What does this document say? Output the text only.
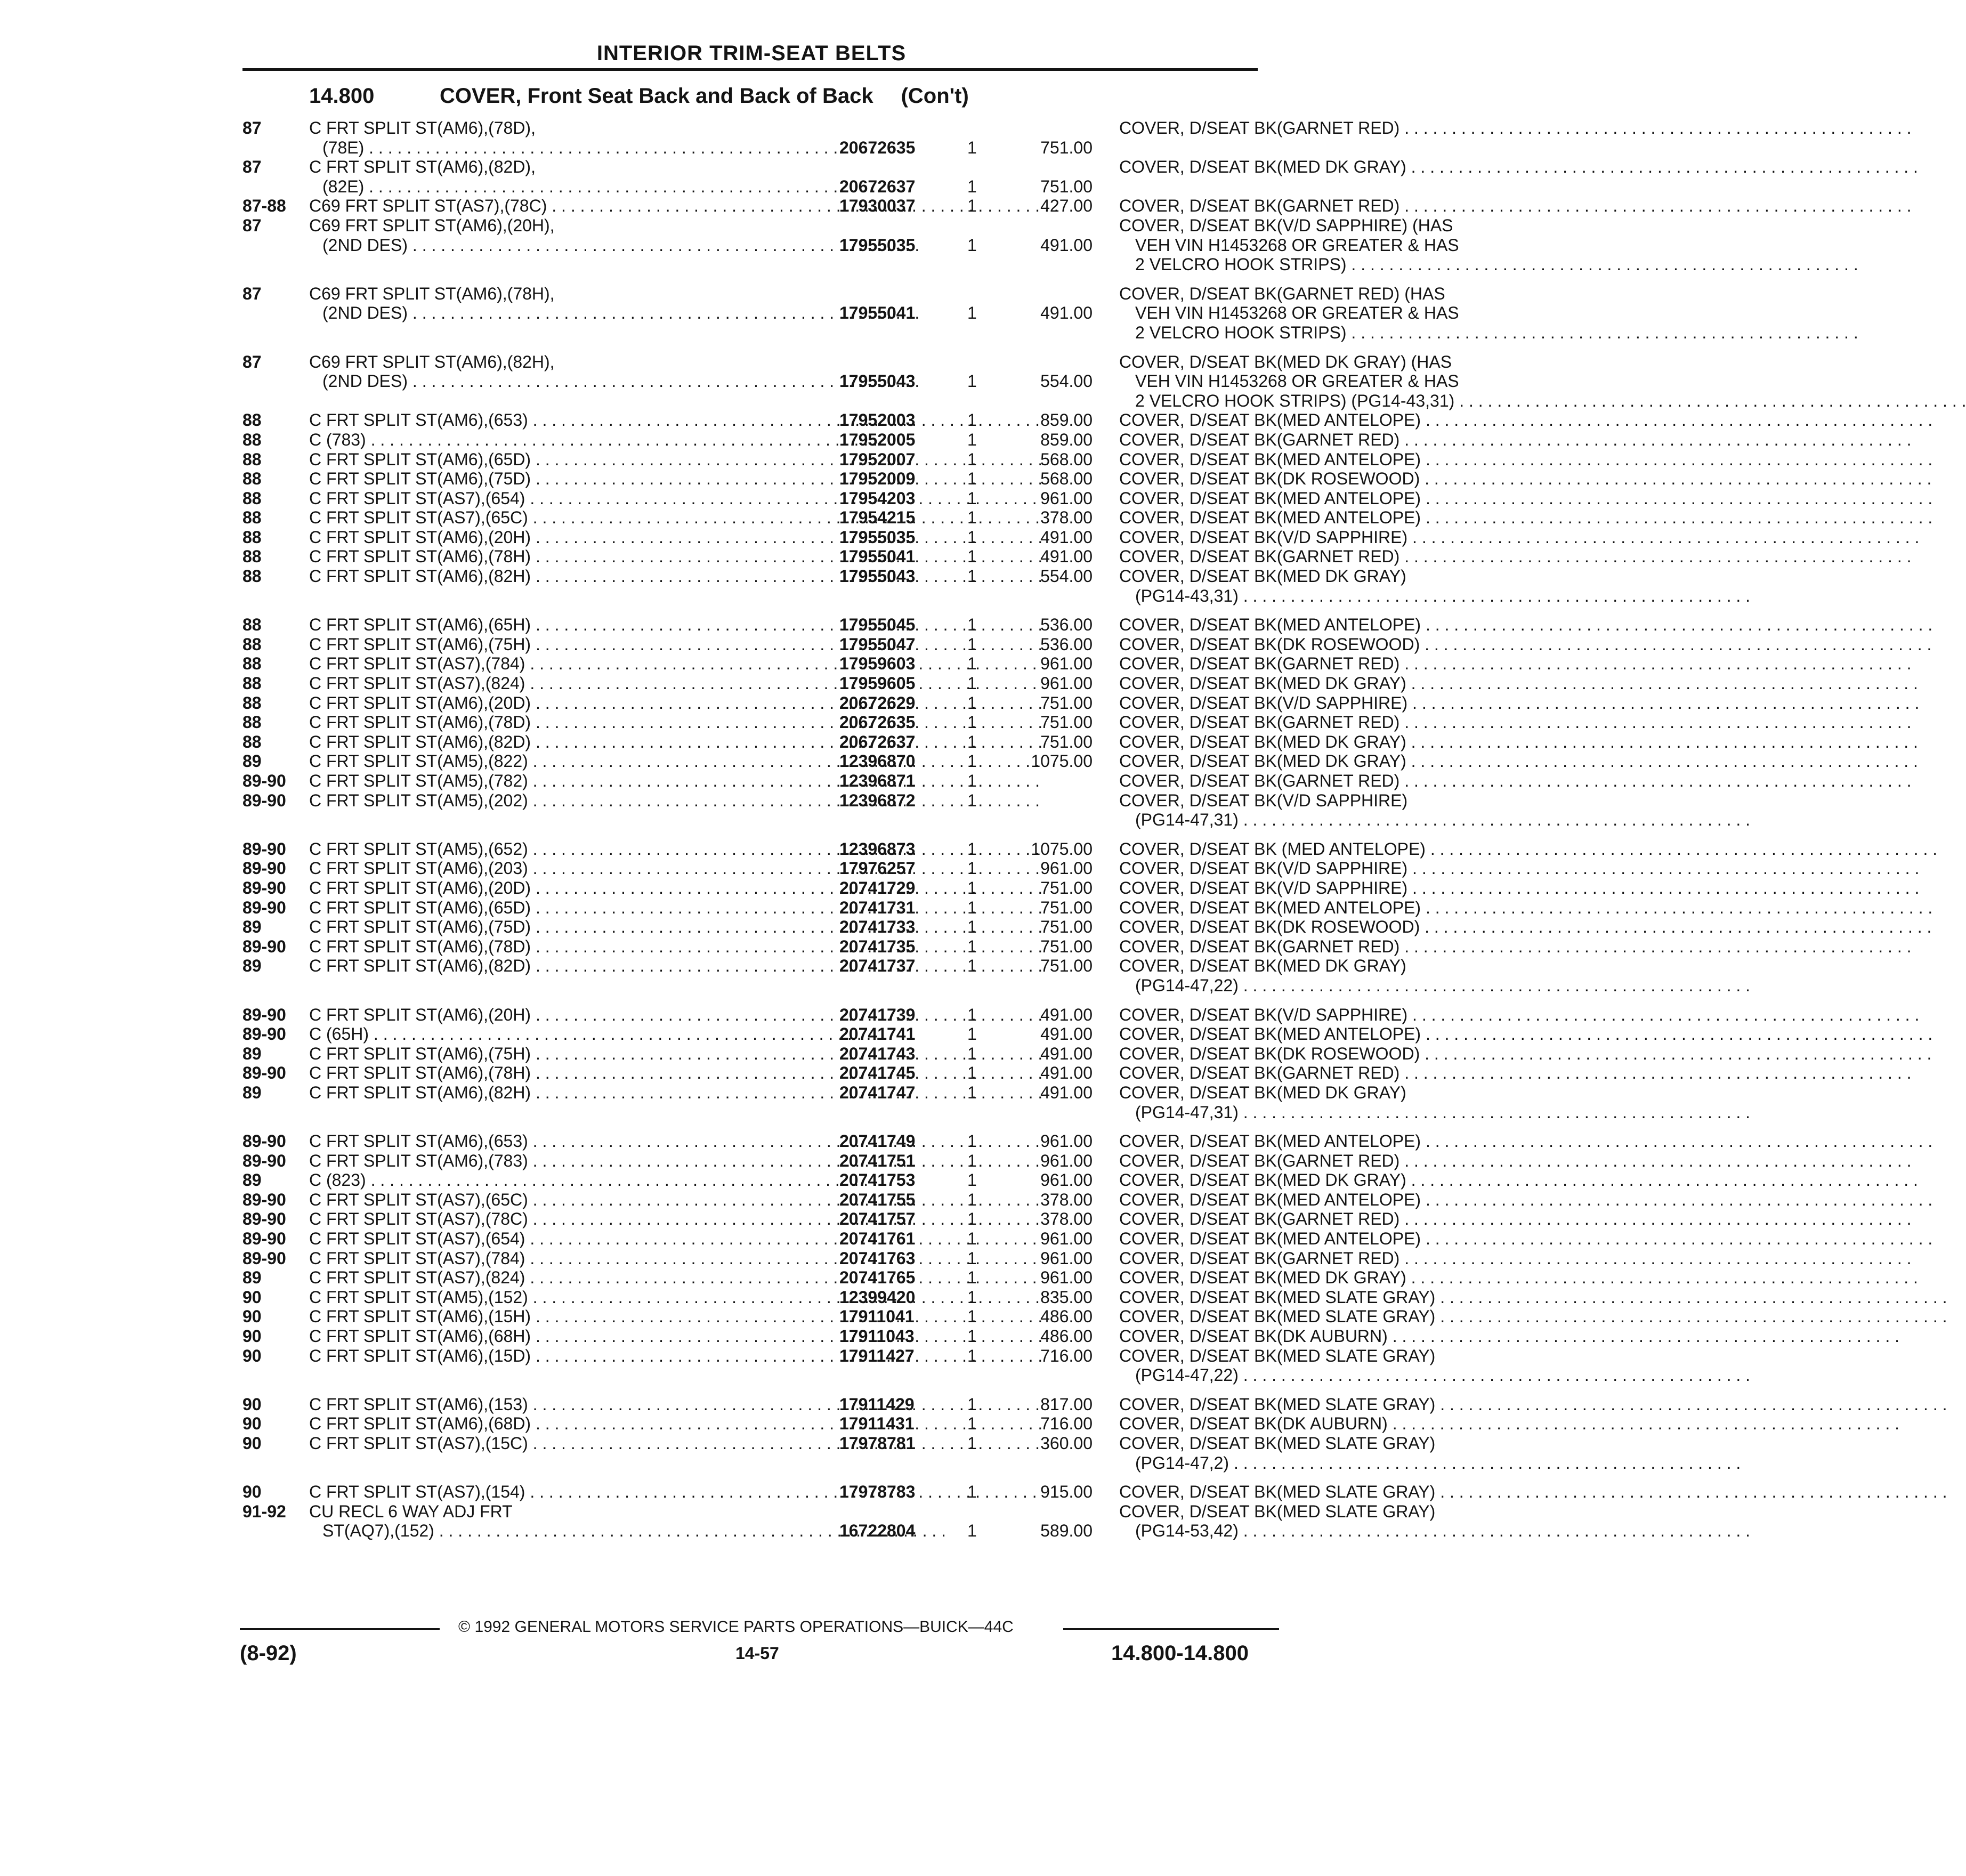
INTERIOR TRIM-SEAT BELTS
14.800	COVER, Front Seat Back and Back of Back (Con't)
87	C FRT SPLIT ST(AM6),(78D),	COVER, D/SEAT BK(GARNET RED) . . .
(78E) . . .	20672635	1	751.00
87	C FRT SPLIT ST(AM6),(82D),	COVER, D/SEAT BK(MED DK GRAY) . . .
(82E) . . .	20672637	1	751.00
87-88 C69 FRT SPLIT ST(AS7),(78C) . . .	17930037	1	427.00 COVER, D/SEAT BK(GARNET RED) . . .
87	C69 FRT SPLIT ST(AM6),(20H),	COVER, D/SEAT BK(V/D SAPPHIRE) (HAS
(2ND DES) . . .	17955035	1	491.00	VEH VIN H1453268 OR GREATER & HAS
2 VELCRO HOOK STRIPS) . . .
87	C69 FRT SPLIT ST(AM6),(78H),	COVER, D/SEAT BK(GARNET RED) (HAS
(2ND DES) . . .	17955041	1	491.00	VEH VIN H1453268 OR GREATER & HAS
2 VELCRO HOOK STRIPS) . . .
87	C69 FRT SPLIT ST(AM6),(82H),	COVER, D/SEAT BK(MED DK GRAY) (HAS
(2ND DES) . . .	17955043	1	554.00	VEH VIN H1453268 OR GREATER & HAS
2 VELCRO HOOK STRIPS) (PG14-43,31) . . .
88	C FRT SPLIT ST(AM6),(653) . . .	17952003	1	859.00 COVER, D/SEAT BK(MED ANTELOPE) . . .
88	C (783) . . .	17952005	1	859.00 COVER, D/SEAT BK(GARNET RED) . . .
88	C FRT SPLIT ST(AM6),(65D) . . .	17952007	1	568.00 COVER, D/SEAT BK(MED ANTELOPE) . . .
88	C FRT SPLIT ST(AM6),(75D) . . .	17952009	1	568.00 COVER, D/SEAT BK(DK ROSEWOOD) . . .
88	C FRT SPLIT ST(AS7),(654) . . .	17954203	1	961.00 COVER, D/SEAT BK(MED ANTELOPE) . . .
88	C FRT SPLIT ST(AS7),(65C) . . .	17954215	1	378.00 COVER, D/SEAT BK(MED ANTELOPE) . . .
88	C FRT SPLIT ST(AM6),(20H) . . .	17955035	1	491.00 COVER, D/SEAT BK(V/D SAPPHIRE) . . .
88	C FRT SPLIT ST(AM6),(78H) . . .	17955041	1	491.00 COVER, D/SEAT BK(GARNET RED) . . .
88	C FRT SPLIT ST(AM6),(82H) . . .	17955043	1	554.00 COVER, D/SEAT BK(MED DK GRAY)
(PG14-43,31) . . .
88	C FRT SPLIT ST(AM6),(65H) . . .	17955045	1	536.00 COVER, D/SEAT BK(MED ANTELOPE) . . .
88	C FRT SPLIT ST(AM6),(75H) . . .	17955047	1	536.00 COVER, D/SEAT BK(DK ROSEWOOD) . . .
88	C FRT SPLIT ST(AS7),(784) . . .	17959603	1	961.00 COVER, D/SEAT BK(GARNET RED) . . .
88	C FRT SPLIT ST(AS7),(824) . . .	17959605	1	961.00 COVER, D/SEAT BK(MED DK GRAY) . . .
88	C FRT SPLIT ST(AM6),(20D) . . .	20672629	1	751.00 COVER, D/SEAT BK(V/D SAPPHIRE) . . .
88	C FRT SPLIT ST(AM6),(78D) . . .	20672635	1	751.00 COVER, D/SEAT BK(GARNET RED) . . .
88	C FRT SPLIT ST(AM6),(82D) . . .	20672637	1	751.00 COVER, D/SEAT BK(MED DK GRAY) . . .
89	C FRT SPLIT ST(AM5),(822) . . .	12396870	1	1075.00 COVER, D/SEAT BK(MED DK GRAY) . . .
89-90 C FRT SPLIT ST(AM5),(782) . . .	12396871	1	COVER, D/SEAT BK(GARNET RED) . . .
89-90 C FRT SPLIT ST(AM5),(202) . . .	12396872	1	COVER, D/SEAT BK(V/D SAPPHIRE)
(PG14-47,31) . . .
89-90 C FRT SPLIT ST(AM5),(652) . . .	12396873	1	1075.00 COVER, D/SEAT BK (MED ANTELOPE) . . .
89-90 C FRT SPLIT ST(AM6),(203) . . .	17976257	1	961.00 COVER, D/SEAT BK(V/D SAPPHIRE) . . .
89-90 C FRT SPLIT ST(AM6),(20D) . . .	20741729	1	751.00 COVER, D/SEAT BK(V/D SAPPHIRE) . . .
89-90 C FRT SPLIT ST(AM6),(65D) . . .	20741731	1	751.00 COVER, D/SEAT BK(MED ANTELOPE) . . .
89	C FRT SPLIT ST(AM6),(75D) . . .	20741733	1	751.00 COVER, D/SEAT BK(DK ROSEWOOD) . . .
89-90 C FRT SPLIT ST(AM6),(78D) . . .	20741735	1	751.00 COVER, D/SEAT BK(GARNET RED) . . .
89	C FRT SPLIT ST(AM6),(82D) . . .	20741737	1	751.00 COVER, D/SEAT BK(MED DK GRAY)
(PG14-47,22) . . .
89-90 C FRT SPLIT ST(AM6),(20H) . . .	20741739	1	491.00 COVER, D/SEAT BK(V/D SAPPHIRE) . . .
89-90 C (65H) . . .	20741741	1	491.00 COVER, D/SEAT BK(MED ANTELOPE) . . .
89	C FRT SPLIT ST(AM6),(75H) . . .	20741743	1	491.00 COVER, D/SEAT BK(DK ROSEWOOD) . . .
89-90 C FRT SPLIT ST(AM6),(78H) . . .	20741745	1	491.00 COVER, D/SEAT BK(GARNET RED) . . .
89	C FRT SPLIT ST(AM6),(82H) . . .	20741747	1	491.00 COVER, D/SEAT BK(MED DK GRAY)
(PG14-47,31) . . .
89-90 C FRT SPLIT ST(AM6),(653) . . .	20741749	1	961.00 COVER, D/SEAT BK(MED ANTELOPE) . . .
89-90 C FRT SPLIT ST(AM6),(783) . . .	20741751	1	961.00 COVER, D/SEAT BK(GARNET RED) . . .
89	C (823) . . .	20741753	1	961.00 COVER, D/SEAT BK(MED DK GRAY) . . .
89-90 C FRT SPLIT ST(AS7),(65C) . . .	20741755	1	378.00 COVER, D/SEAT BK(MED ANTELOPE) . . .
89-90 C FRT SPLIT ST(AS7),(78C) . . .	20741757	1	378.00 COVER, D/SEAT BK(GARNET RED) . . .
89-90 C FRT SPLIT ST(AS7),(654) . . .	20741761	1	961.00 COVER, D/SEAT BK(MED ANTELOPE) . . .
89-90 C FRT SPLIT ST(AS7),(784) . . .	20741763	1	961.00 COVER, D/SEAT BK(GARNET RED) . . .
89	C FRT SPLIT ST(AS7),(824) . . .	20741765	1	961.00 COVER, D/SEAT BK(MED DK GRAY) . . .
90	C FRT SPLIT ST(AM5),(152) . . .	12399420	1	835.00 COVER, D/SEAT BK(MED SLATE GRAY) . . .
90	C FRT SPLIT ST(AM6),(15H) . . .	17911041	1	486.00 COVER, D/SEAT BK(MED SLATE GRAY) . . .
90	C FRT SPLIT ST(AM6),(68H) . . .	17911043	1	486.00 COVER, D/SEAT BK(DK AUBURN) . . .
90	C FRT SPLIT ST(AM6),(15D) . . .	17911427	1	716.00 COVER, D/SEAT BK(MED SLATE GRAY)
(PG14-47,22) . . .
90	C FRT SPLIT ST(AM6),(153) . . .	17911429	1	817.00 COVER, D/SEAT BK(MED SLATE GRAY) . . .
90	C FRT SPLIT ST(AM6),(68D) . . .	17911431	1	716.00 COVER, D/SEAT BK(DK AUBURN) . . .
90	C FRT SPLIT ST(AS7),(15C) . . .	17978781	1	360.00 COVER, D/SEAT BK(MED SLATE GRAY)
(PG14-47,2) . . .
90	C FRT SPLIT ST(AS7),(154) . . .	17978783	1	915.00 COVER, D/SEAT BK(MED SLATE GRAY) . . .
91-92 CU RECL 6 WAY ADJ FRT	COVER, D/SEAT BK(MED SLATE GRAY)
ST(AQ7),(152) . . .	16722804	1	589.00	(PG14-53,42) . . .
© 1992 GENERAL MOTORS SERVICE PARTS OPERATIONS—BUICK—44C
(8-92)	14-57	14.800-14.800
